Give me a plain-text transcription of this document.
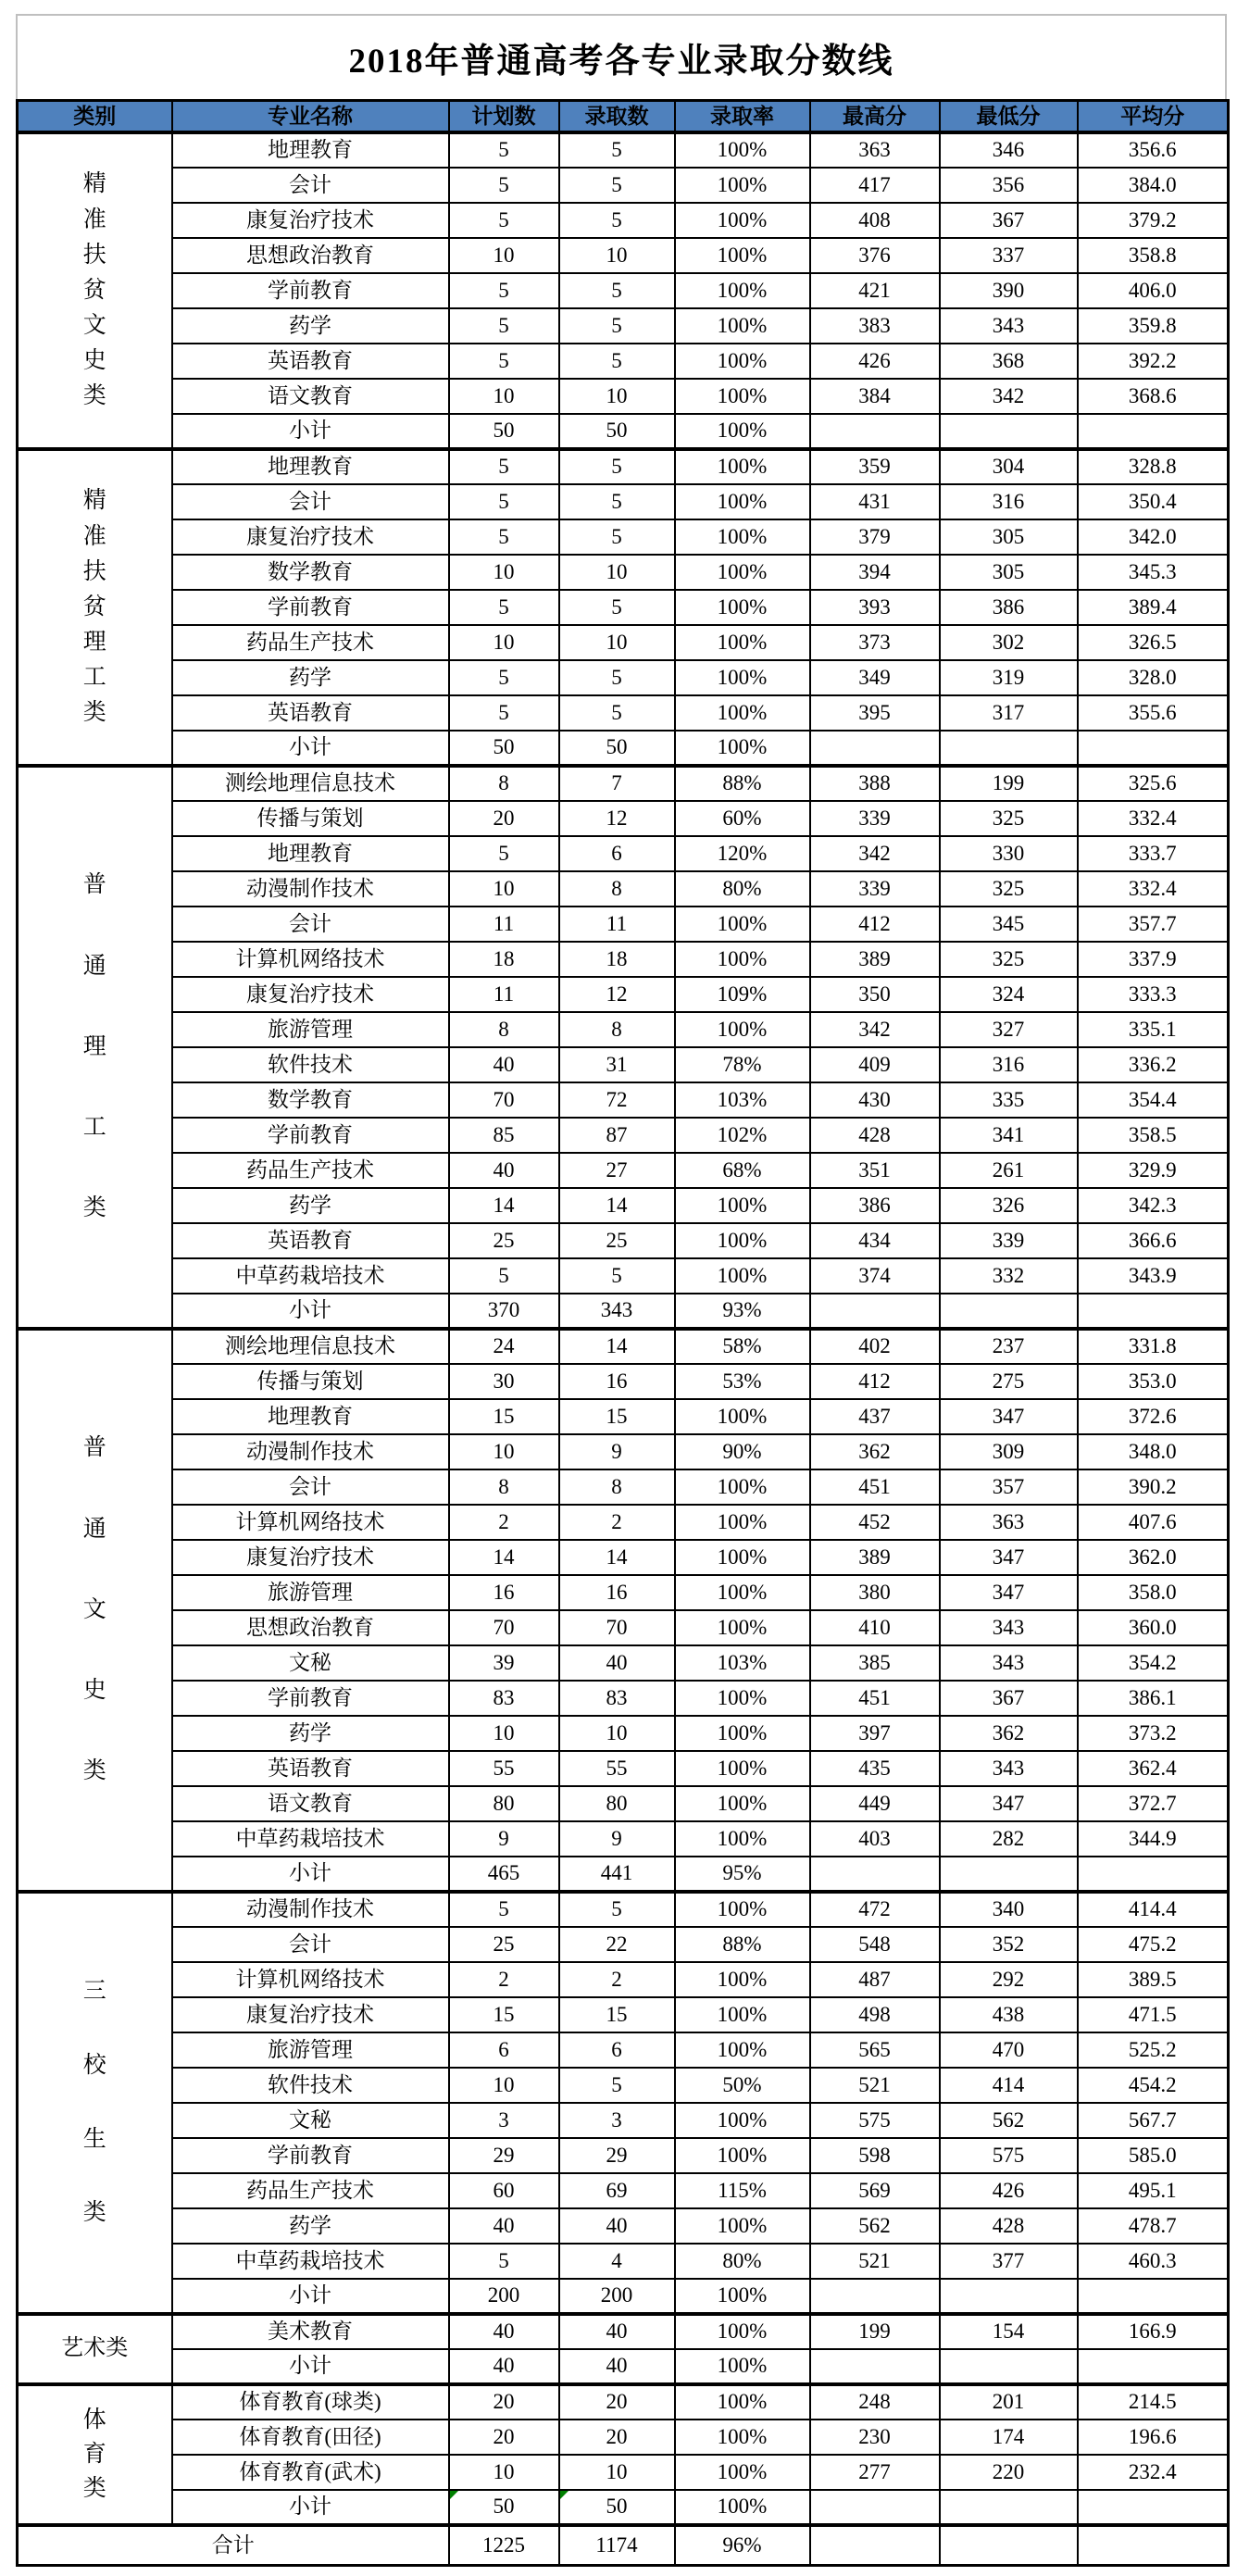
2018年普通高考各专业录取分数线
类别	专业名称	计划数	录取数	录取率	最高分	最低分	平均分

精
准
扶
贫
文
史
类
	地理教育	5	5	100%	363	346	356.6
	会计	5	5	100%	417	356	384.0
	康复治疗技术	5	5	100%	408	367	379.2
	思想政治教育	10	10	100%	376	337	358.8
	学前教育	5	5	100%	421	390	406.0
	药学	5	5	100%	383	343	359.8
	英语教育	5	5	100%	426	368	392.2
	语文教育	10	10	100%	384	342	368.6
	小计	50	50	100%			

精
准
扶
贫
理
工
类
	地理教育	5	5	100%	359	304	328.8
	会计	5	5	100%	431	316	350.4
	康复治疗技术	5	5	100%	379	305	342.0
	数学教育	10	10	100%	394	305	345.3
	学前教育	5	5	100%	393	386	389.4
	药品生产技术	10	10	100%	373	302	326.5
	药学	5	5	100%	349	319	328.0
	英语教育	5	5	100%	395	317	355.6
	小计	50	50	100%			

普
通
理
工
类	测绘地理信息技术	8	7	88%	388	199	325.6
	传播与策划	20	12	60%	339	325	332.4
	地理教育	5	6	120%	342	330	333.7
	动漫制作技术	10	8	80%	339	325	332.4
	会计	11	11	100%	412	345	357.7
	计算机网络技术	18	18	100%	389	325	337.9
	康复治疗技术	11	12	109%	350	324	333.3
	旅游管理	8	8	100%	342	327	335.1
	软件技术	40	31	78%	409	316	336.2
	数学教育	70	72	103%	430	335	354.4
	学前教育	85	87	102%	428	341	358.5
	药品生产技术	40	27	68%	351	261	329.9
	药学	14	14	100%	386	326	342.3
	英语教育	25	25	100%	434	339	366.6
	中草药栽培技术	5	5	100%	374	332	343.9
	小计	370	343	93%			

普
通
文
史
类	测绘地理信息技术	24	14	58%	402	237	331.8
	传播与策划	30	16	53%	412	275	353.0
	地理教育	15	15	100%	437	347	372.6
	动漫制作技术	10	9	90%	362	309	348.0
	会计	8	8	100%	451	357	390.2
	计算机网络技术	2	2	100%	452	363	407.6
	康复治疗技术	14	14	100%	389	347	362.0
	旅游管理	16	16	100%	380	347	358.0
	思想政治教育	70	70	100%	410	343	360.0
	文秘	39	40	103%	385	343	354.2
	学前教育	83	83	100%	451	367	386.1
	药学	10	10	100%	397	362	373.2
	英语教育	55	55	100%	435	343	362.4
	语文教育	80	80	100%	449	347	372.7
	中草药栽培技术	9	9	100%	403	282	344.9
	小计	465	441	95%			

三
校
生
类	动漫制作技术	5	5	100%	472	340	414.4
	会计	25	22	88%	548	352	475.2
	计算机网络技术	2	2	100%	487	292	389.5
	康复治疗技术	15	15	100%	498	438	471.5
	旅游管理	6	6	100%	565	470	525.2
	软件技术	10	5	50%	521	414	454.2
	文秘	3	3	100%	575	562	567.7
	学前教育	29	29	100%	598	575	585.0
	药品生产技术	60	69	115%	569	426	495.1
	药学	40	40	100%	562	428	478.7
	中草药栽培技术	5	4	80%	521	377	460.3
	小计	200	200	100%			

艺术类	美术教育	40	40	100%	199	154	166.9
	小计	40	40	100%			

体
育
类	体育教育(球类)	20	20	100%	248	201	214.5
	体育教育(田径)	20	20	100%	230	174	196.6
	体育教育(武术)	10	10	100%	277	220	232.4
	小计	50	50	100%			
合计		1225	1174	96%			
